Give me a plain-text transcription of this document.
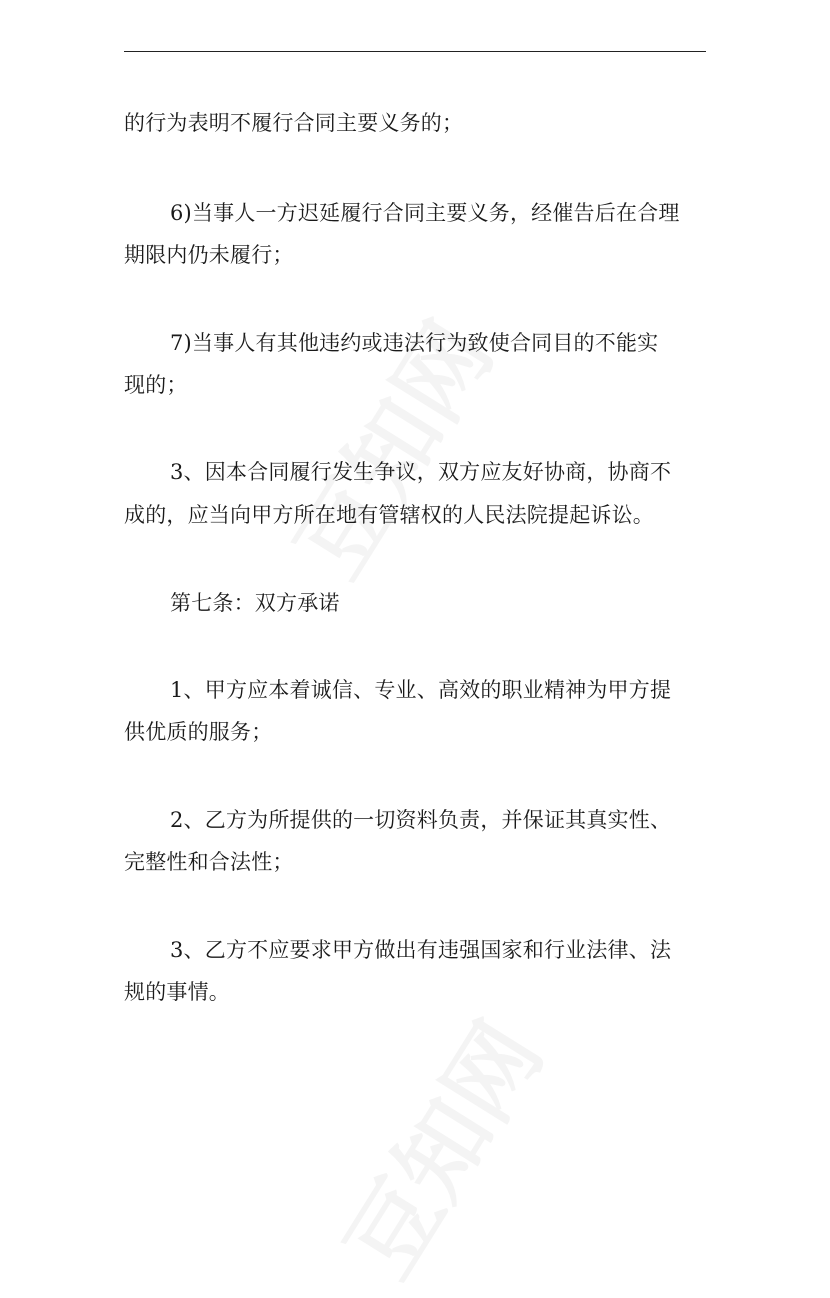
的行为表明不履行合同主要义务的；
6)当事人一方迟延履行合同主要义务，经催告后在合理
期限内仍未履行；
7)当事人有其他违约或违法行为致使合同目的不能实
现的；
3、因本合同履行发生争议，双方应友好协商，协商不
成的，应当向甲方所在地有管辖权的人民法院提起诉讼。
第七条：双方承诺
1、甲方应本着诚信、专业、高效的职业精神为甲方提
供优质的服务；
2、乙方为所提供的一切资料负责，并保证其真实性、
完整性和合法性；
3、乙方不应要求甲方做出有违强国家和行业法律、法
规的事情。
